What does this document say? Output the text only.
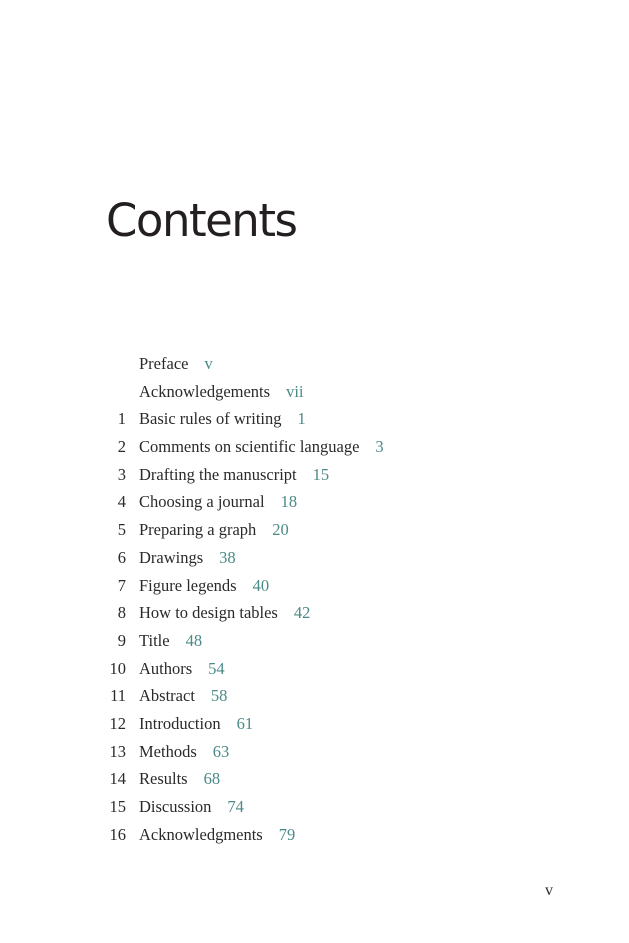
Contents
Preface v
Acknowledgements vii
1 Basic rules of writing 1
2 Comments on scientific language 3
3 Drafting the manuscript 15
4 Choosing a journal 18
5 Preparing a graph 20
6 Drawings 38
7 Figure legends 40
8 How to design tables 42
9 Title 48
10 Authors 54
11 Abstract 58
12 Introduction 61
13 Methods 63
14 Results 68
15 Discussion 74
16 Acknowledgments 79
v
